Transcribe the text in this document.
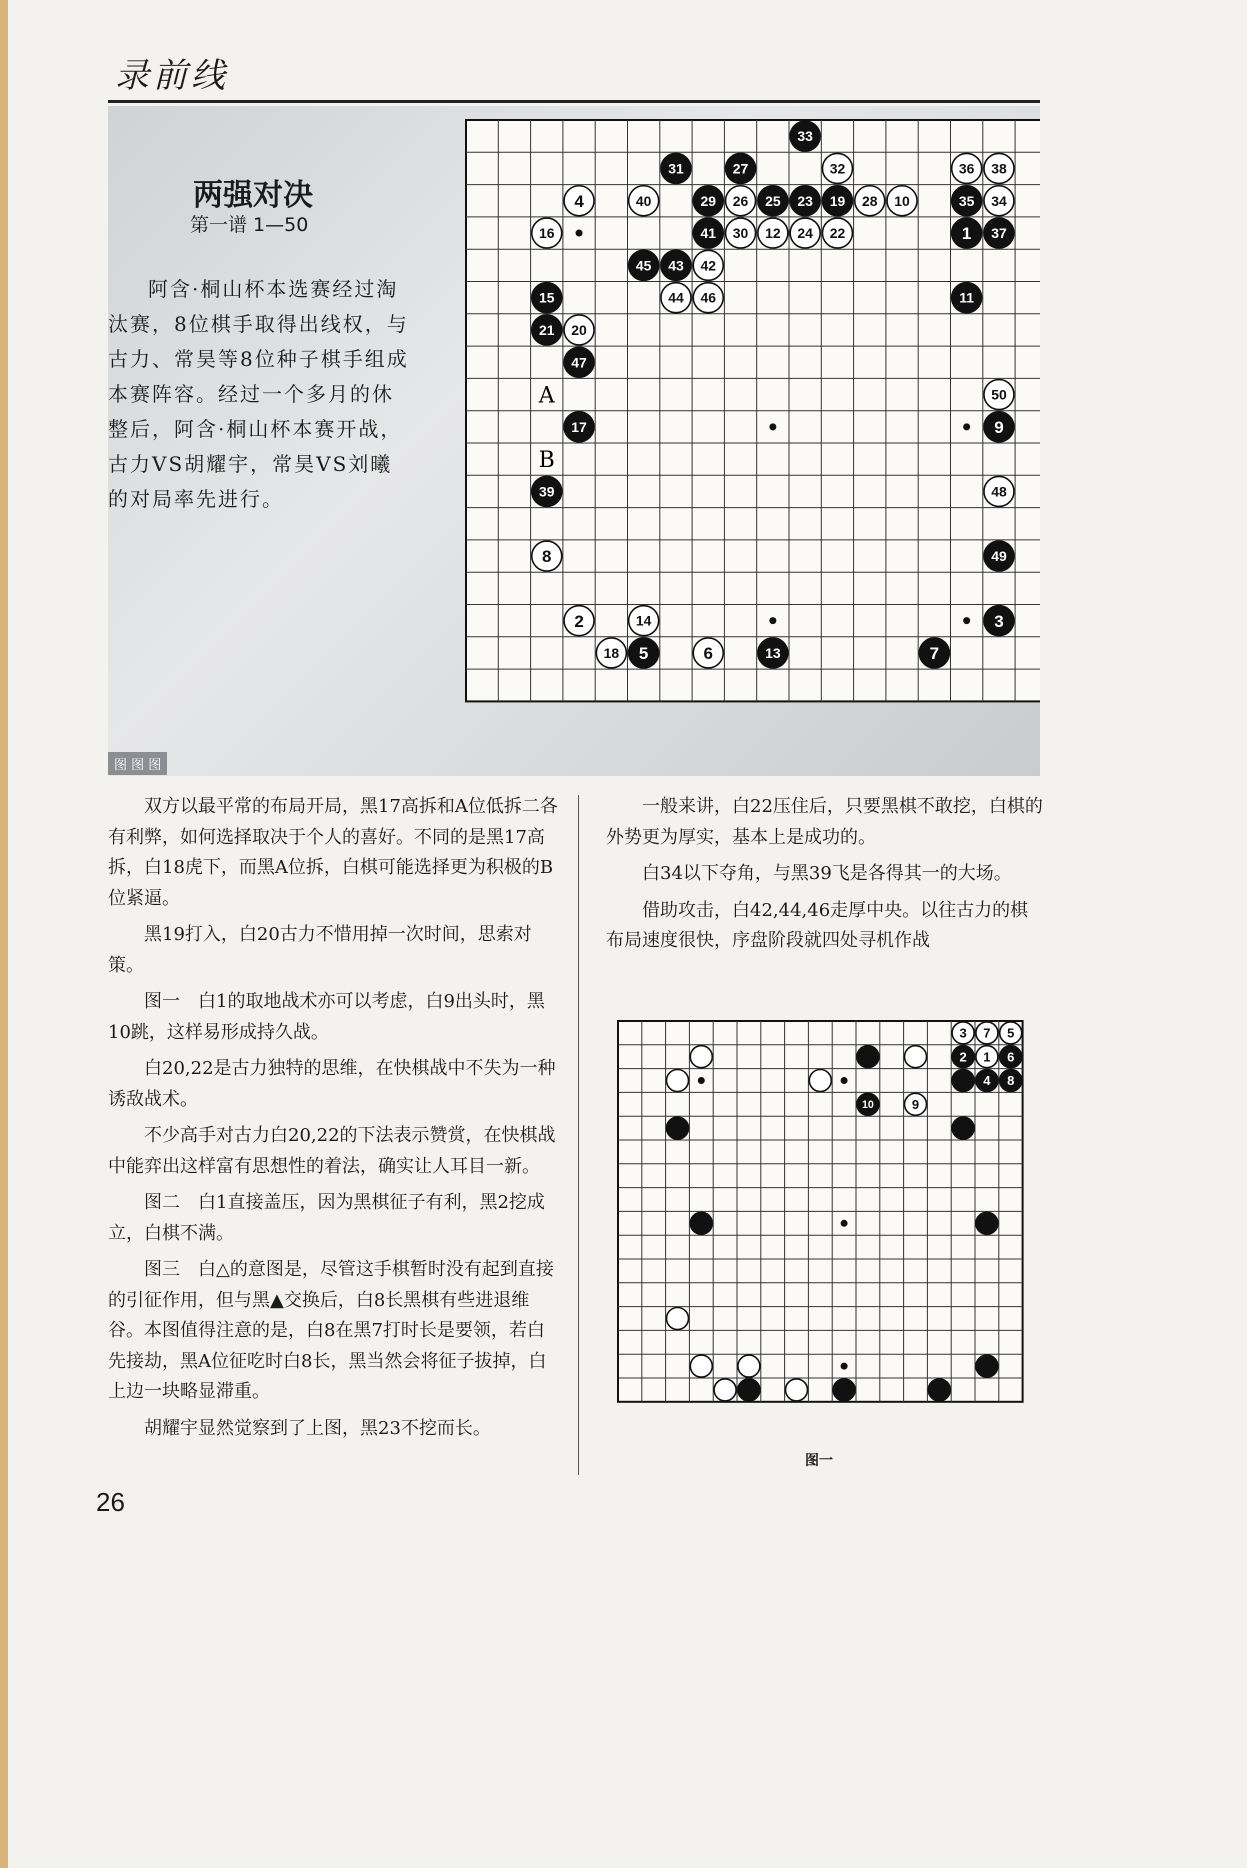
录前线
图 图 图
两强对决
第一谱 1—50

阿含·桐山杯本选赛经过淘汰赛，8位棋手取得出线权，与古力、常昊等8位种子棋手组成本赛阵容。经过一个多月的休整后，阿含·桐山杯本赛开战，古力VS胡耀宇，常昊VS刘曦的对局率先进行。

A
B
33
31	27	32	36 38
4	40	29 26 25 23 19 28 10	35 34
16	41 30 12 24 22	1 37
45 43 42
44 46
15	11
21 20
47
50
17	9
39	48
8	49
2	14	3
18 5	6	13	7

双方以最平常的布局开局，黑17高拆和A位低拆二各有利弊，如何选择取决于个人的喜好。不同的是黑17高拆，白18虎下，而黑A位拆，白棋可能选择更为积极的B位紧逼。

黑19打入，白20古力不惜用掉一次时间，思索对策。

图一　白1的取地战术亦可以考虑，白9出头时，黑10跳，这样易形成持久战。

白20,22是古力独特的思维，在快棋战中不失为一种诱敌战术。

不少高手对古力白20,22的下法表示赞赏，在快棋战中能弈出这样富有思想性的着法，确实让人耳目一新。

图二　白1直接盖压，因为黑棋征子有利，黑2挖成立，白棋不满。

图三　白△的意图是，尽管这手棋暂时没有起到直接的引征作用，但与黑▲交换后，白8长黑棋有些进退维谷。本图值得注意的是，白8在黑7打时长是要领，若白先接劫，黑A位征吃时白8长，黑当然会将征子拔掉，白上边一块略显滞重。

胡耀宇显然觉察到了上图，黑23不挖而长。

一般来讲，白22压住后，只要黑棋不敢挖，白棋的外势更为厚实，基本上是成功的。

白34以下夺角，与黑39飞是各得其一的大场。

借助攻击，白42,44,46走厚中央。以往古力的棋布局速度很快，序盘阶段就四处寻机作战

3 7 5
2 1 6
4 8
10	9
图一
26
